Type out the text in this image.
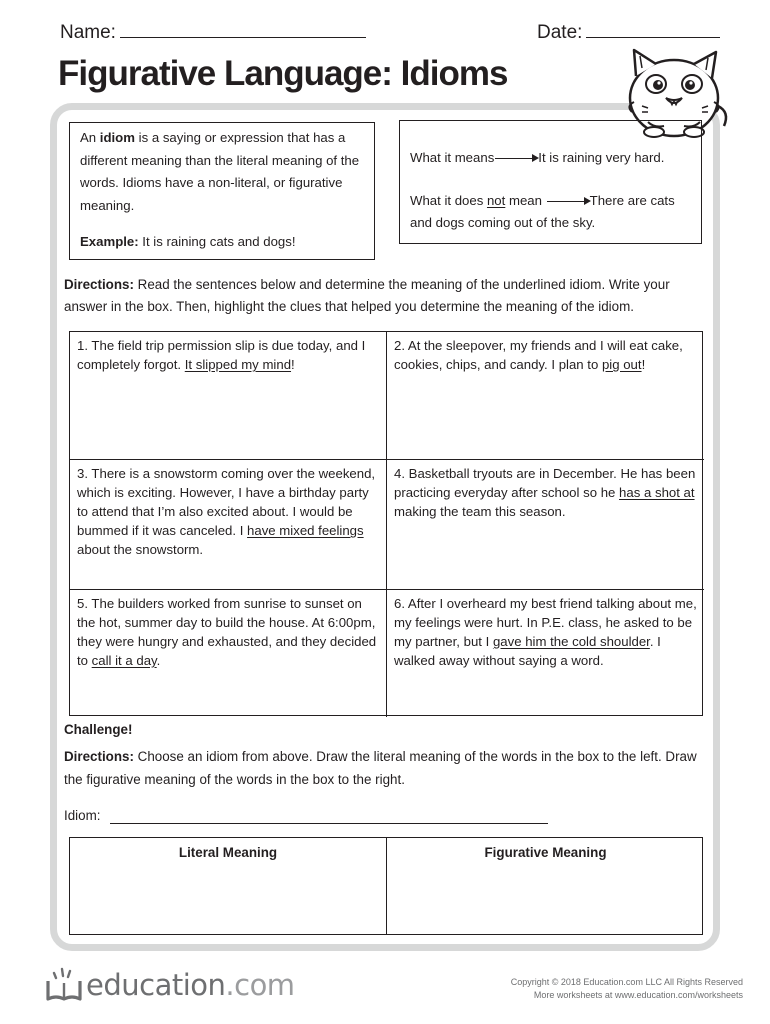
Name:	Date:
Figurative Language: Idioms
An idiom is a saying or expression that has a different meaning than the literal meaning of the words. Idioms have a non-literal, or figurative meaning.
Example: It is raining cats and dogs!
What it means	It is raining very hard.
What it does not mean	There are cats and dogs coming out of the sky.
Directions: Read the sentences below and determine the meaning of the underlined idiom. Write your answer in the box. Then, highlight the clues that helped you determine the meaning of the idiom.
1. The field trip permission slip is due today, and I completely forgot. It slipped my mind!
2. At the sleepover, my friends and I will eat cake, cookies, chips, and candy. I plan to pig out!
3. There is a snowstorm coming over the weekend, which is exciting. However, I have a birthday party to attend that I’m also excited about. I would be bummed if it was canceled. I have mixed feelings about the snowstorm.
4. Basketball tryouts are in December. He has been practicing everyday after school so he has a shot at making the team this season.
5. The builders worked from sunrise to sunset on the hot, summer day to build the house. At 6:00pm, they were hungry and exhausted, and they decided to call it a day.
6. After I overheard my best friend talking about me, my feelings were hurt. In P.E. class, he asked to be my partner, but I gave him the cold shoulder. I walked away without saying a word.
Challenge!
Directions: Choose an idiom from above. Draw the literal meaning of the words in the box to the left. Draw the figurative meaning of the words in the box to the right.
Idiom:
Literal Meaning	Figurative Meaning
education.com	Copyright © 2018 Education.com LLC All Rights Reserved
More worksheets at www.education.com/worksheets
